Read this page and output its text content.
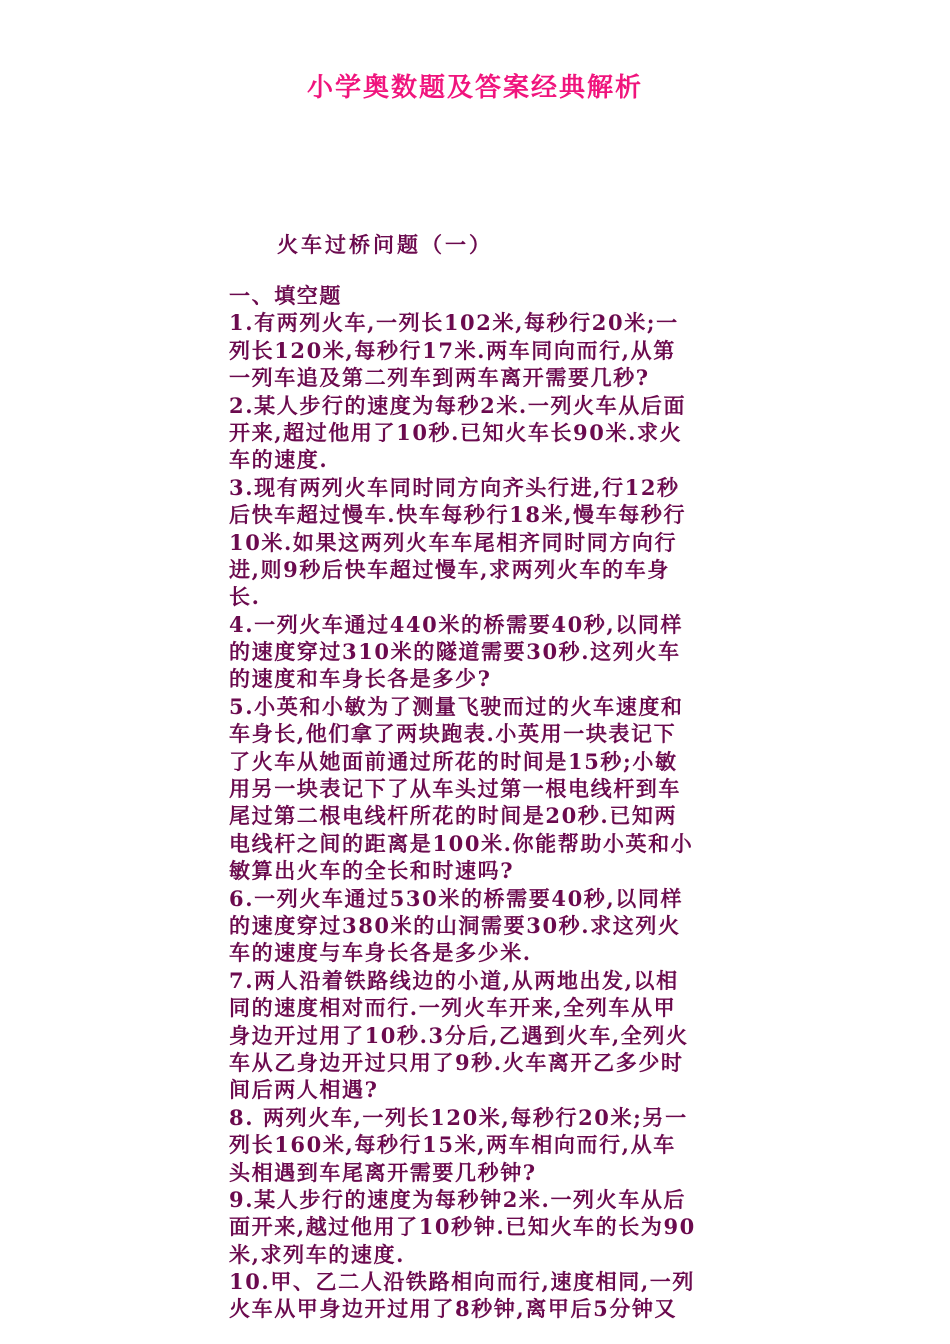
小学奥数题及答案经典解析
火车过桥问题（一）
一、填空题
1.有两列火车,一列长102米,每秒行20米;一
列长120米,每秒行17米.两车同向而行,从第
一列车追及第二列车到两车离开需要几秒?
2.某人步行的速度为每秒2米.一列火车从后面
开来,超过他用了10秒.已知火车长90米.求火
车的速度.
3.现有两列火车同时同方向齐头行进,行12秒
后快车超过慢车.快车每秒行18米,慢车每秒行
10米.如果这两列火车车尾相齐同时同方向行
进,则9秒后快车超过慢车,求两列火车的车身
长.
4.一列火车通过440米的桥需要40秒,以同样
的速度穿过310米的隧道需要30秒.这列火车
的速度和车身长各是多少?
5.小英和小敏为了测量飞驶而过的火车速度和
车身长,他们拿了两块跑表.小英用一块表记下
了火车从她面前通过所花的时间是15秒;小敏
用另一块表记下了从车头过第一根电线杆到车
尾过第二根电线杆所花的时间是20秒.已知两
电线杆之间的距离是100米.你能帮助小英和小
敏算出火车的全长和时速吗?
6.一列火车通过530米的桥需要40秒,以同样
的速度穿过380米的山洞需要30秒.求这列火
车的速度与车身长各是多少米.
7.两人沿着铁路线边的小道,从两地出发,以相
同的速度相对而行.一列火车开来,全列车从甲
身边开过用了10秒.3分后,乙遇到火车,全列火
车从乙身边开过只用了9秒.火车离开乙多少时
间后两人相遇?
8. 两列火车,一列长120米,每秒行20米;另一
列长160米,每秒行15米,两车相向而行,从车
头相遇到车尾离开需要几秒钟?
9.某人步行的速度为每秒钟2米.一列火车从后
面开来,越过他用了10秒钟.已知火车的长为90
米,求列车的速度.
10.甲、乙二人沿铁路相向而行,速度相同,一列
火车从甲身边开过用了8秒钟,离甲后5分钟又
